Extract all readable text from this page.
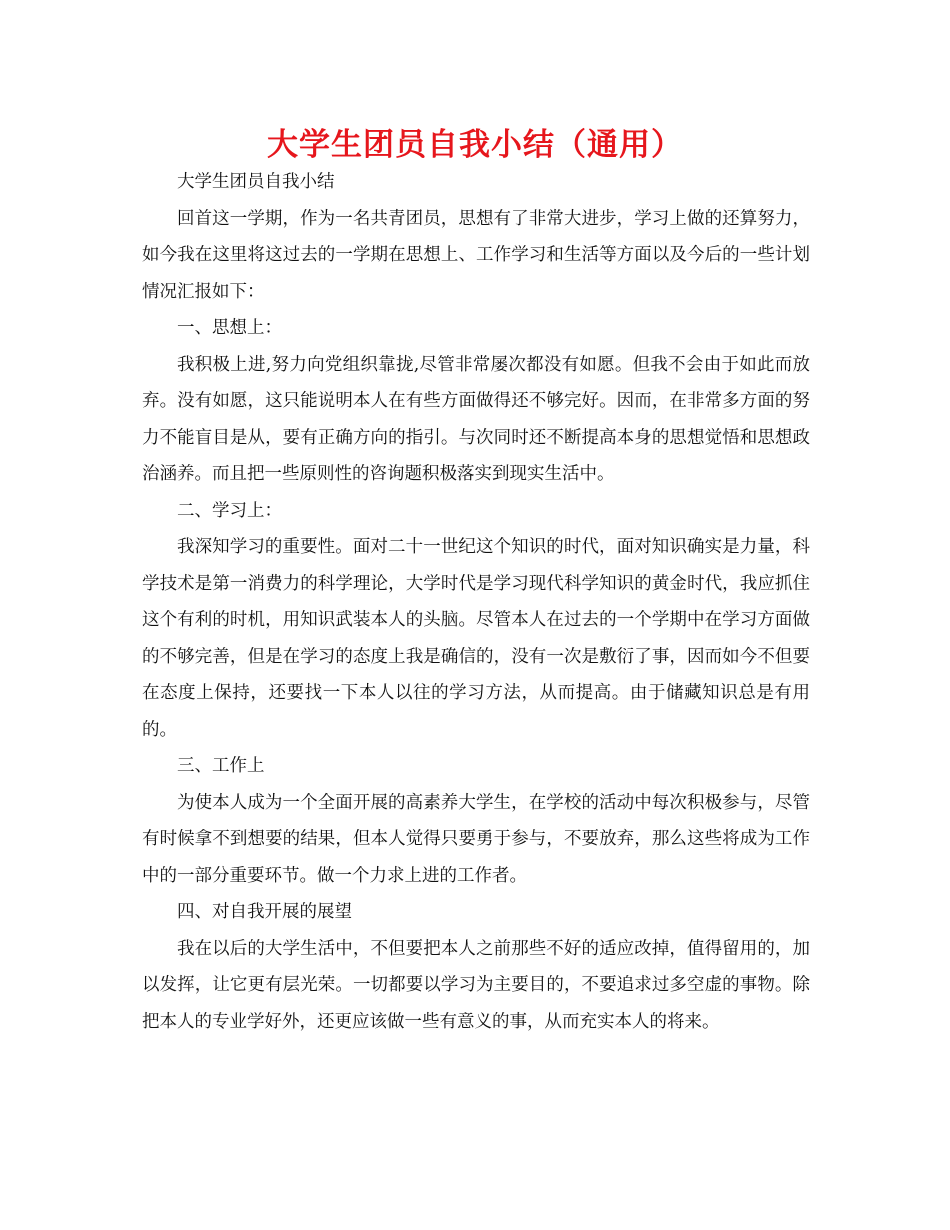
大学生团员自我小结（通用）

大学生团员自我小结

回首这一学期，作为一名共青团员，思想有了非常大进步，学习上做的还算努力，如今我在这里将这过去的一学期在思想上、工作学习和生活等方面以及今后的一些计划情况汇报如下：

一、思想上：

我积极上进,努力向党组织靠拢,尽管非常屡次都没有如愿。但我不会由于如此而放弃。没有如愿，这只能说明本人在有些方面做得还不够完好。因而，在非常多方面的努力不能盲目是从，要有正确方向的指引。与次同时还不断提高本身的思想觉悟和思想政治涵养。而且把一些原则性的咨询题积极落实到现实生活中。

二、学习上：

我深知学习的重要性。面对二十一世纪这个知识的时代，面对知识确实是力量，科学技术是第一消费力的科学理论，大学时代是学习现代科学知识的黄金时代，我应抓住这个有利的时机，用知识武装本人的头脑。尽管本人在过去的一个学期中在学习方面做的不够完善，但是在学习的态度上我是确信的，没有一次是敷衍了事，因而如今不但要在态度上保持，还要找一下本人以往的学习方法，从而提高。由于储藏知识总是有用的。

三、工作上

为使本人成为一个全面开展的高素养大学生，在学校的活动中每次积极参与，尽管有时候拿不到想要的结果，但本人觉得只要勇于参与，不要放弃，那么这些将成为工作中的一部分重要环节。做一个力求上进的工作者。

四、对自我开展的展望

我在以后的大学生活中，不但要把本人之前那些不好的适应改掉，值得留用的，加以发挥，让它更有层光荣。一切都要以学习为主要目的，不要追求过多空虚的事物。除把本人的专业学好外，还更应该做一些有意义的事，从而充实本人的将来。
